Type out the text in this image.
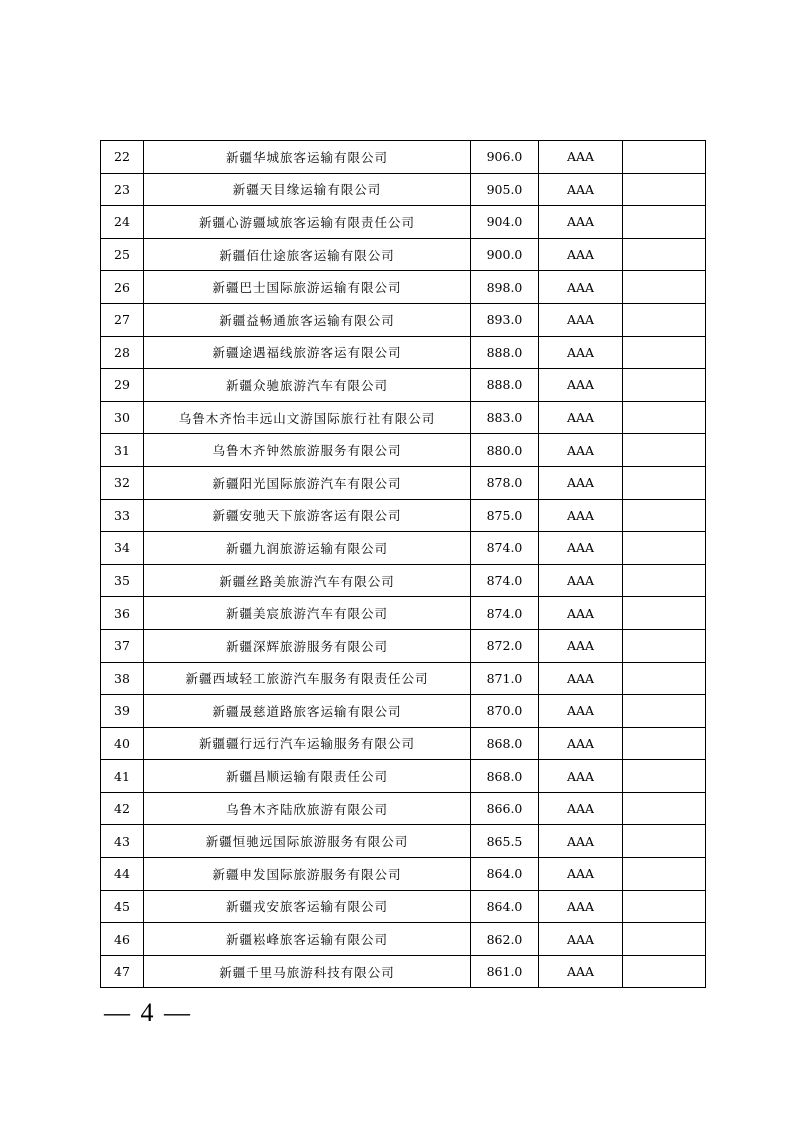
22	新疆华城旅客运输有限公司	906.0	AAA	
23	新疆天目缘运输有限公司	905.0	AAA	
24	新疆心游疆域旅客运输有限责任公司	904.0	AAA	
25	新疆佰仕途旅客运输有限公司	900.0	AAA	
26	新疆巴士国际旅游运输有限公司	898.0	AAA	
27	新疆益畅通旅客运输有限公司	893.0	AAA	
28	新疆途遇福线旅游客运有限公司	888.0	AAA	
29	新疆众驰旅游汽车有限公司	888.0	AAA	
30	乌鲁木齐怡丰远山文游国际旅行社有限公司	883.0	AAA	
31	乌鲁木齐钟然旅游服务有限公司	880.0	AAA	
32	新疆阳光国际旅游汽车有限公司	878.0	AAA	
33	新疆安驰天下旅游客运有限公司	875.0	AAA	
34	新疆九润旅游运输有限公司	874.0	AAA	
35	新疆丝路美旅游汽车有限公司	874.0	AAA	
36	新疆美宸旅游汽车有限公司	874.0	AAA	
37	新疆深辉旅游服务有限公司	872.0	AAA	
38	新疆西域轻工旅游汽车服务有限责任公司	871.0	AAA	
39	新疆晟慈道路旅客运输有限公司	870.0	AAA	
40	新疆疆行远行汽车运输服务有限公司	868.0	AAA	
41	新疆昌顺运输有限责任公司	868.0	AAA	
42	乌鲁木齐陆欣旅游有限公司	866.0	AAA	
43	新疆恒驰远国际旅游服务有限公司	865.5	AAA	
44	新疆申发国际旅游服务有限公司	864.0	AAA	
45	新疆戎安旅客运输有限公司	864.0	AAA	
46	新疆崧峰旅客运输有限公司	862.0	AAA	
47	新疆千里马旅游科技有限公司	861.0	AAA	
— 4 —
